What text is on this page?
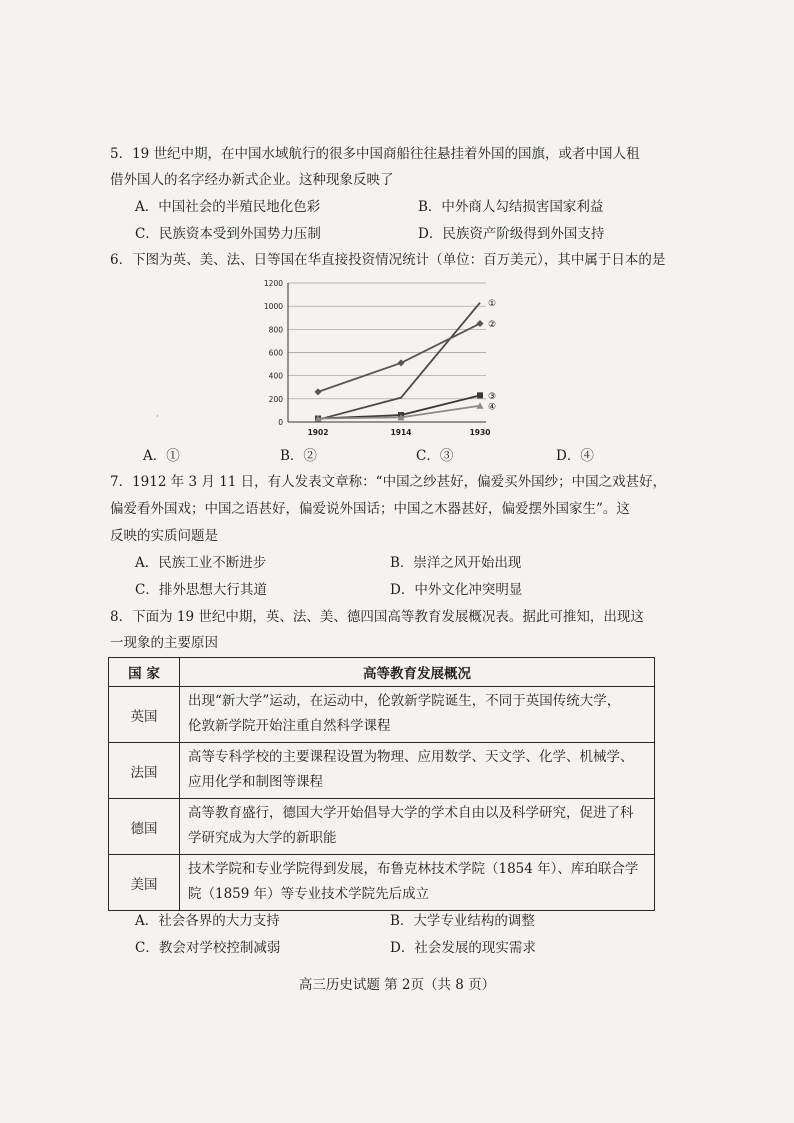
5．19 世纪中期，在中国水域航行的很多中国商船往往悬挂着外国的国旗，或者中国人租
借外国人的名字经办新式企业。这种现象反映了
A．中国社会的半殖民地化色彩	B．中外商人勾结损害国家利益
C．民族资本受到外国势力压制	D．民族资产阶级得到外国支持
6．下图为英、美、法、日等国在华直接投资情况统计（单位：百万美元），其中属于日本的是
0
200
400
600
800
1000
1200
1902	1914	1930
①
②
③
④
·
A．①	B．②	C．③	D．④
7．1912 年 3 月 11 日，有人发表文章称：“中国之纱甚好，偏爱买外国纱；中国之戏甚好，
偏爱看外国戏；中国之语甚好，偏爱说外国话；中国之木器甚好，偏爱摆外国家生”。这
反映的实质问题是
A．民族工业不断进步	B．崇洋之风开始出现
C．排外思想大行其道	D．中外文化冲突明显
8．下面为 19 世纪中期，英、法、美、德四国高等教育发展概况表。据此可推知，出现这
一现象的主要原因
国 家	高等教育发展概况
英国	出现“新大学”运动，在运动中，伦敦新学院诞生，不同于英国传统大学，
伦敦新学院开始注重自然科学课程

法国	高等专科学校的主要课程设置为物理、应用数学、天文学、化学、机械学、
应用化学和制图等课程

德国	高等教育盛行，德国大学开始倡导大学的学术自由以及科学研究，促进了科
学研究成为大学的新职能

美国	技术学院和专业学院得到发展，布鲁克林技术学院（1854 年）、库珀联合学
院（1859 年）等专业技术学院先后成立
A．社会各界的大力支持	B．大学专业结构的调整
C．教会对学校控制减弱	D．社会发展的现实需求
高三历史试题 第 2页（共 8 页）
